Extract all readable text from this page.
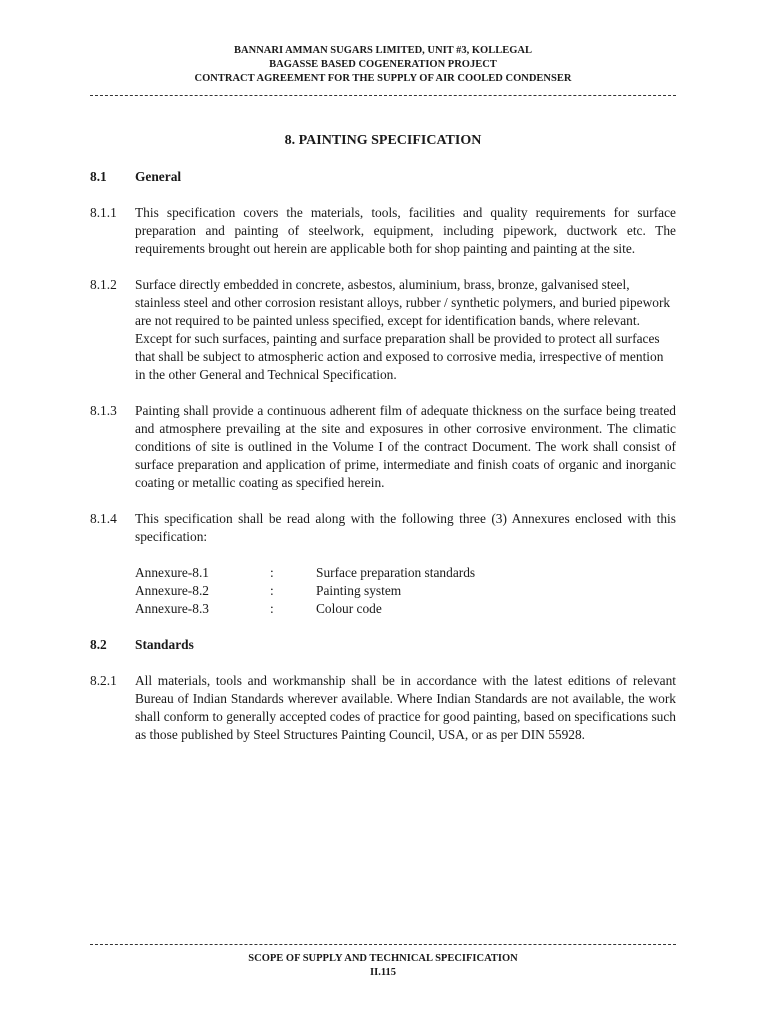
BANNARI AMMAN SUGARS LIMITED, UNIT #3, KOLLEGAL
BAGASSE BASED COGENERATION PROJECT
CONTRACT AGREEMENT FOR THE SUPPLY OF AIR COOLED CONDENSER
8. PAINTING SPECIFICATION
8.1	General
8.1.1	This specification covers the materials, tools, facilities and quality requirements for surface preparation and painting of steelwork, equipment, including pipework, ductwork etc. The requirements brought out herein are applicable both for shop painting and painting at the site.
8.1.2	Surface directly embedded in concrete, asbestos, aluminium, brass, bronze, galvanised steel, stainless steel and other corrosion resistant alloys, rubber / synthetic polymers, and buried pipework are not required to be painted unless specified, except for identification bands, where relevant. Except for such surfaces, painting and surface preparation shall be provided to protect all surfaces that shall be subject to atmospheric action and exposed to corrosive media, irrespective of mention in the other General and Technical Specification.
8.1.3	Painting shall provide a continuous adherent film of adequate thickness on the surface being treated and atmosphere prevailing at the site and exposures in other corrosive environment. The climatic conditions of site is outlined in the Volume I of the contract Document. The work shall consist of surface preparation and application of prime, intermediate and finish coats of organic and inorganic coating or metallic coating as specified herein.
8.1.4	This specification shall be read along with the following three (3) Annexures enclosed with this specification:
Annexure-8.1	:	Surface preparation standards
Annexure-8.2	:	Painting system
Annexure-8.3	:	Colour code
8.2	Standards
8.2.1	All materials, tools and workmanship shall be in accordance with the latest editions of relevant Bureau of Indian Standards wherever available. Where Indian Standards are not available, the work shall conform to generally accepted codes of practice for good painting, based on specifications such as those published by Steel Structures Painting Council, USA, or as per DIN 55928.
SCOPE OF SUPPLY AND TECHNICAL SPECIFICATION
II.115
